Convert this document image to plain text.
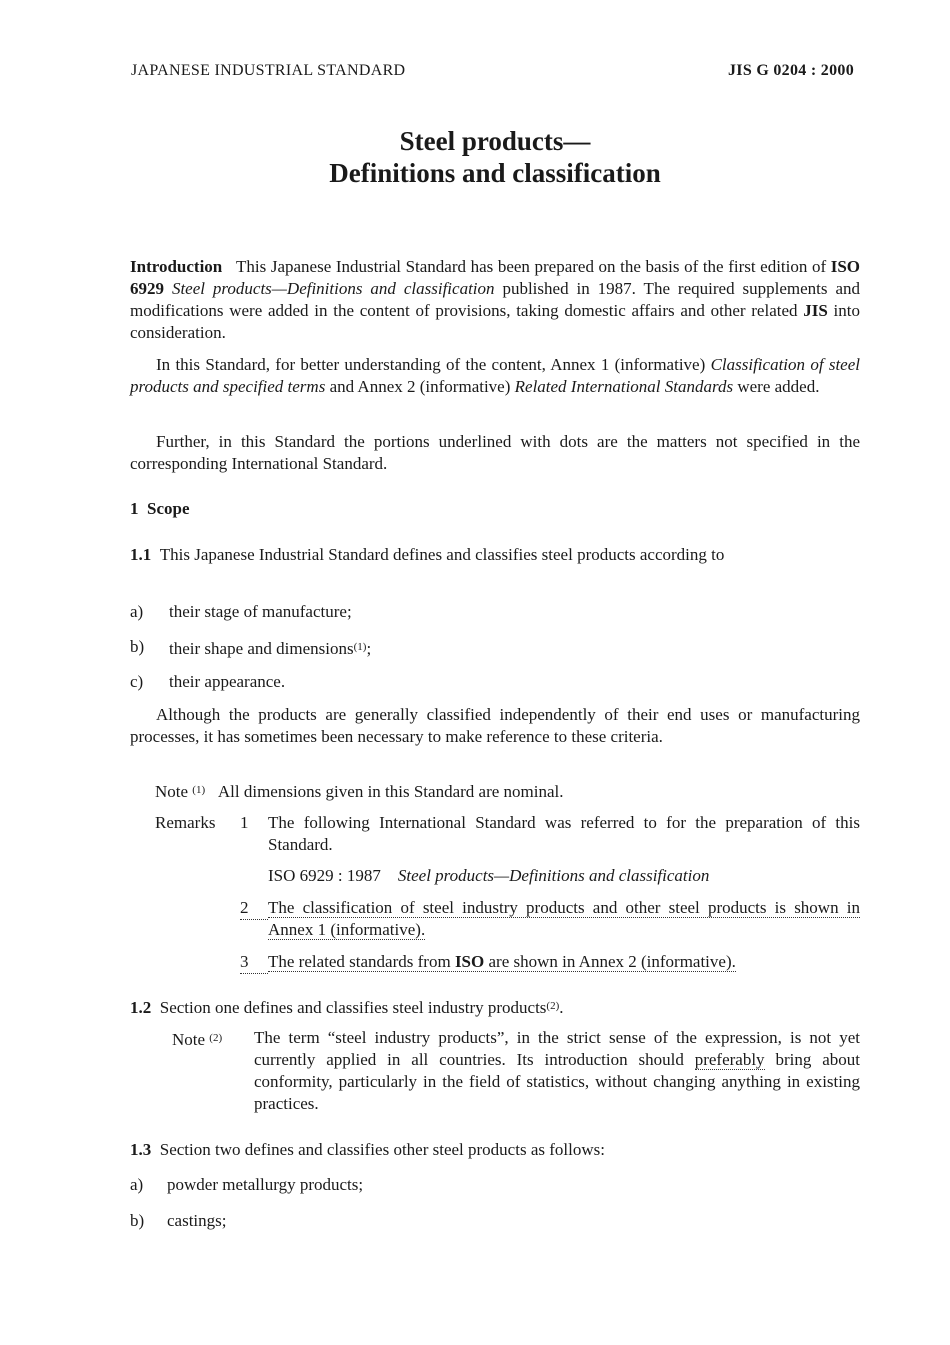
JAPANESE INDUSTRIAL STANDARD	JIS G 0204 : 2000
Steel products—
Definitions and classification
Introduction This Japanese Industrial Standard has been prepared on the basis of the first edition of ISO 6929 Steel products—Definitions and classification published in 1987. The required supplements and modifications were added in the content of provisions, taking domestic affairs and other related JIS into consideration.
In this Standard, for better understanding of the content, Annex 1 (informative) Classification of steel products and specified terms and Annex 2 (informative) Related International Standards were added.
Further, in this Standard the portions underlined with dots are the matters not specified in the corresponding International Standard.
1 Scope
1.1 This Japanese Industrial Standard defines and classifies steel products according to
a) their stage of manufacture;
b) their shape and dimensions$^{(1)}$;
c) their appearance.
Although the products are generally classified independently of their end uses or manufacturing processes, it has sometimes been necessary to make reference to these criteria.
Note $^{(1)}$ All dimensions given in this Standard are nominal.
Remarks 1 The following International Standard was referred to for the preparation of this Standard.
ISO 6929 : 1987 Steel products—Definitions and classification
2	The classification of steel industry products and other steel products is shown in Annex 1 (informative).
3	The related standards from ISO are shown in Annex 2 (informative).
1.2 Section one defines and classifies steel industry products$^{(2)}$.
Note $^{(2)}$ The term “steel industry products”, in the strict sense of the expression, is not yet currently applied in all countries. Its introduction should preferably bring about conformity, particularly in the field of statistics, without changing anything in existing practices.
1.3 Section two defines and classifies other steel products as follows:
a) powder metallurgy products;
b) castings;
